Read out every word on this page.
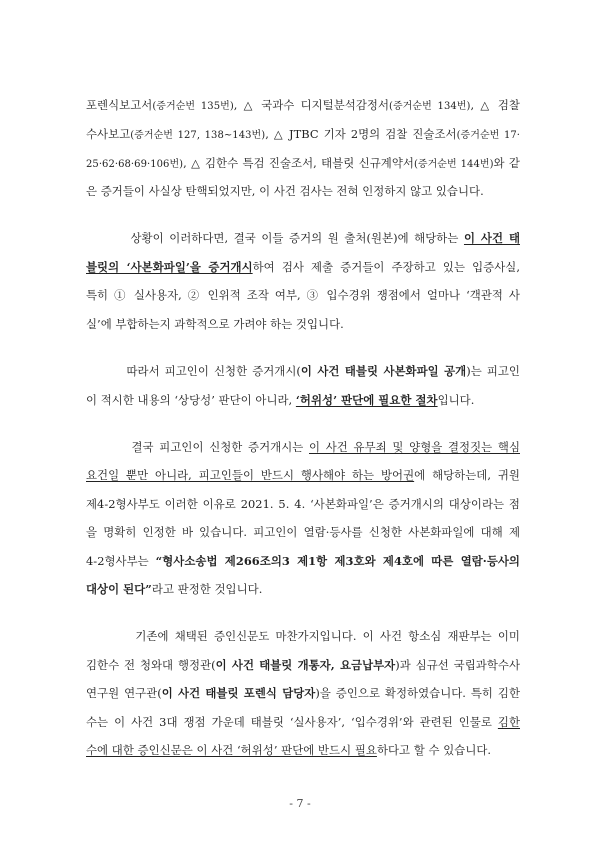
포렌식보고서(증거순번 135번), △ 국과수 디지털분석감정서(증거순번 134번), △ 검찰
수사보고(증거순번 127, 138~143번), △ JTBC 기자 2명의 검찰 진술조서(증거순번 17·
25·62·68·69·106번), △ 김한수 특검 진술조서, 태블릿 신규계약서(증거순번 144번)와 같
은 증거들이 사실상 탄핵되었지만, 이 사건 검사는 전혀 인정하지 않고 있습니다.
상황이 이러하다면, 결국 이들 증거의 원 출처(원본)에 해당하는 이 사건 태
블릿의 ‘사본화파일’을 증거개시하여 검사 제출 증거들이 주장하고 있는 입증사실,
특히 ① 실사용자, ② 인위적 조작 여부, ③ 입수경위 쟁점에서 얼마나 ‘객관적 사
실’에 부합하는지 과학적으로 가려야 하는 것입니다.
따라서 피고인이 신청한 증거개시(이 사건 태블릿 사본화파일 공개)는 피고인
이 적시한 내용의 ‘상당성’ 판단이 아니라, ‘허위성’ 판단에 필요한 절차입니다.
결국 피고인이 신청한 증거개시는 이 사건 유무죄 및 양형을 결정짓는 핵심
요건일 뿐만 아니라, 피고인들이 반드시 행사해야 하는 방어권에 해당하는데, 귀원
제4-2형사부도 이러한 이유로 2021. 5. 4. ‘사본화파일’은 증거개시의 대상이라는 점
을 명확히 인정한 바 있습니다. 피고인이 열람·등사를 신청한 사본화파일에 대해 제
4-2형사부는 “형사소송법 제266조의3 제1항 제3호와 제4호에 따른 열람·등사의
대상이 된다”라고 판정한 것입니다.
기존에 채택된 증인신문도 마찬가지입니다. 이 사건 항소심 재판부는 이미
김한수 전 청와대 행정관(이 사건 태블릿 개통자, 요금납부자)과 심규선 국립과학수사
연구원 연구관(이 사건 태블릿 포렌식 담당자)을 증인으로 확정하였습니다. 특히 김한
수는 이 사건 3대 쟁점 가운데 태블릿 ‘실사용자’, ‘입수경위’와 관련된 인물로 김한
수에 대한 증인신문은 이 사건 ‘허위성’ 판단에 반드시 필요하다고 할 수 있습니다.
- 7 -
